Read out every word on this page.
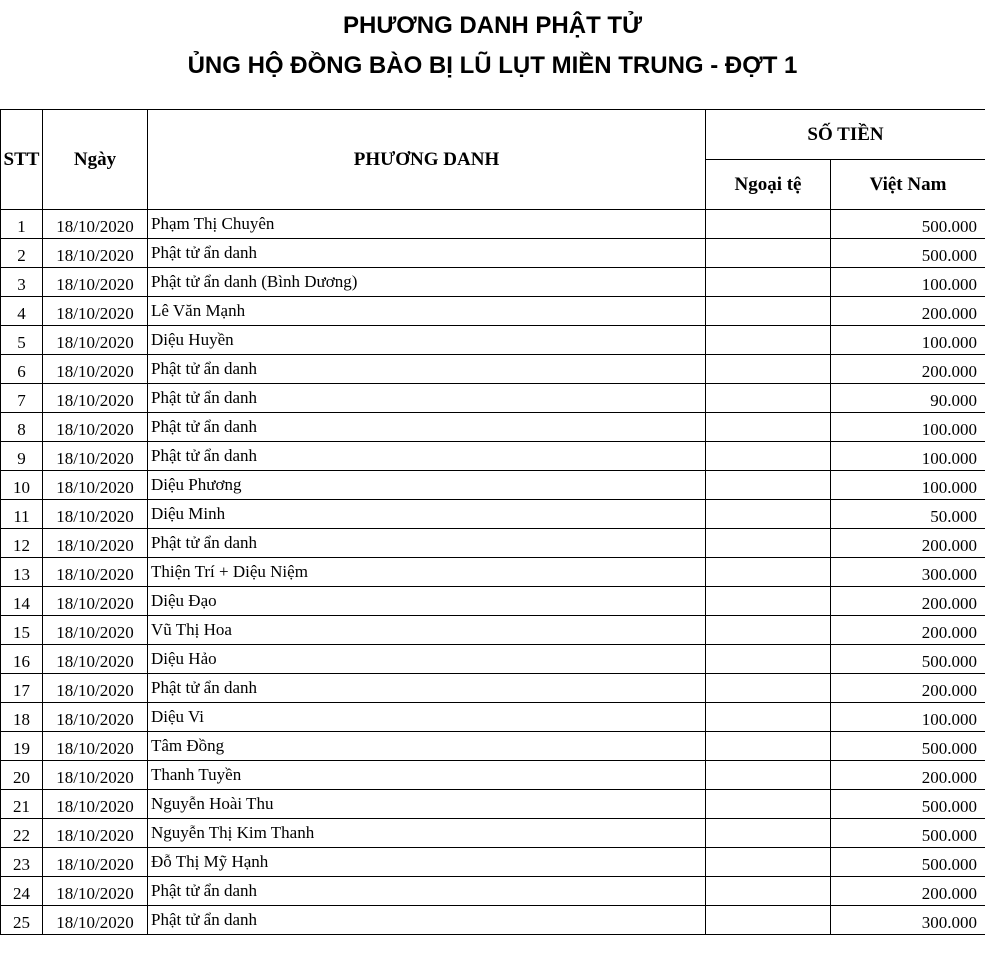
PHƯƠNG DANH PHẬT TỬ
ỦNG HỘ ĐỒNG BÀO BỊ LŨ LỤT MIỀN TRUNG - ĐỢT 1
STT	Ngày	PHƯƠNG DANH	SỐ TIỀN	
			Ngoại tệ	Việt Nam
1	18/10/2020	Phạm Thị Chuyên		500.000
2	18/10/2020	Phật tử ẩn danh		500.000
3	18/10/2020	Phật tử ẩn danh (Bình Dương)		100.000
4	18/10/2020	Lê Văn Mạnh		200.000
5	18/10/2020	Diệu Huyền		100.000
6	18/10/2020	Phật tử ẩn danh		200.000
7	18/10/2020	Phật tử ẩn danh		90.000
8	18/10/2020	Phật tử ẩn danh		100.000
9	18/10/2020	Phật tử ẩn danh		100.000
10	18/10/2020	Diệu Phương		100.000
11	18/10/2020	Diệu Minh		50.000
12	18/10/2020	Phật tử ẩn danh		200.000
13	18/10/2020	Thiện Trí + Diệu Niệm		300.000
14	18/10/2020	Diệu Đạo		200.000
15	18/10/2020	Vũ Thị Hoa		200.000
16	18/10/2020	Diệu Hảo		500.000
17	18/10/2020	Phật tử ẩn danh		200.000
18	18/10/2020	Diệu Vi		100.000
19	18/10/2020	Tâm Đồng		500.000
20	18/10/2020	Thanh Tuyền		200.000
21	18/10/2020	Nguyễn Hoài Thu		500.000
22	18/10/2020	Nguyễn Thị Kim Thanh		500.000
23	18/10/2020	Đỗ Thị Mỹ Hạnh		500.000
24	18/10/2020	Phật tử ẩn danh		200.000
25	18/10/2020	Phật tử ẩn danh		300.000
